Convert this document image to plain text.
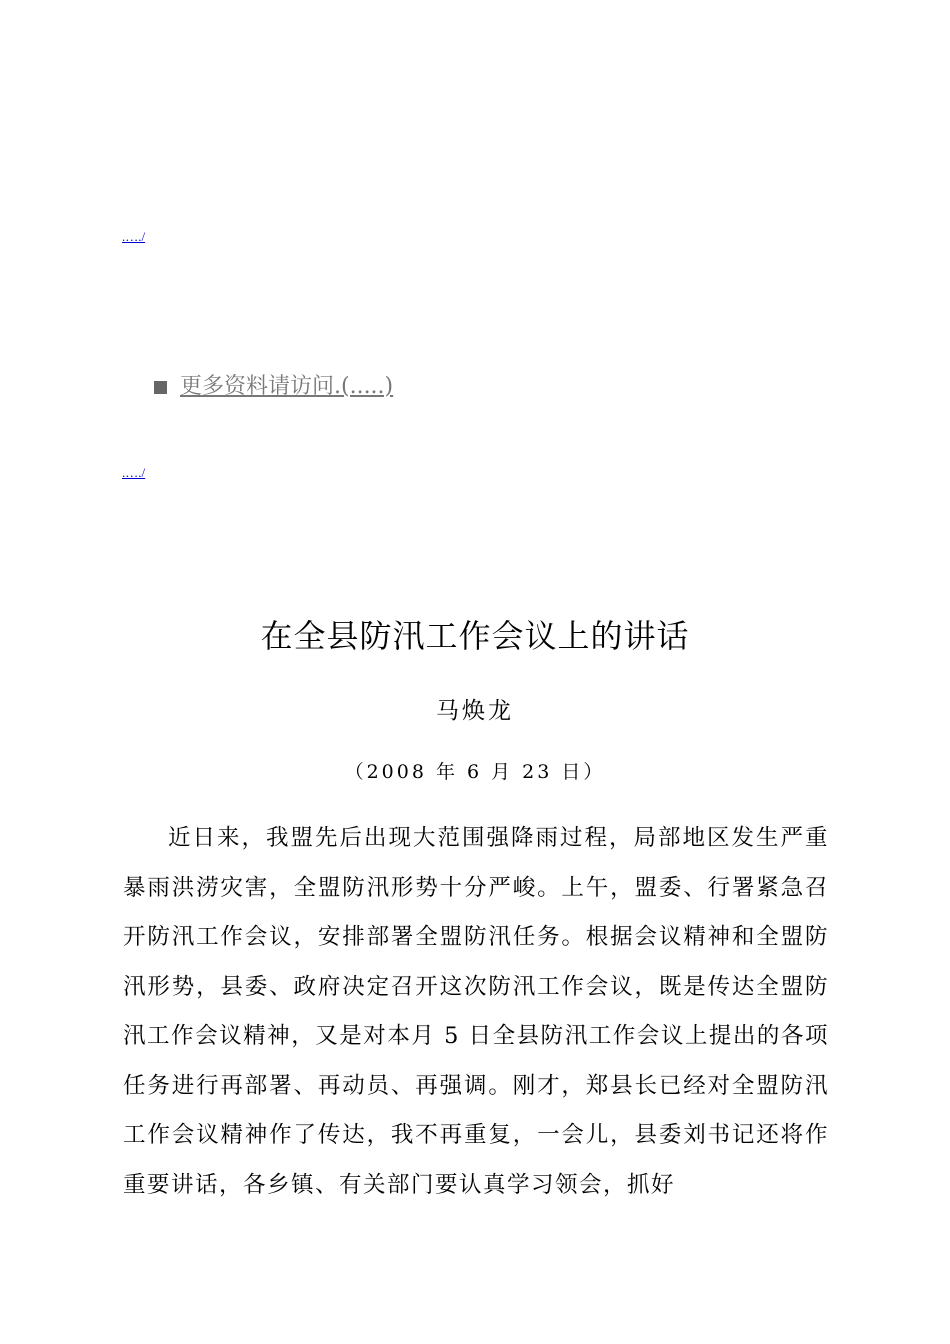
.…./
更多资料请访问.(.....)
.…./
在全县防汛工作会议上的讲话
马焕龙
（2008 年 6 月 23 日）

近日来，我盟先后出现大范围强降雨过程，局部地区发生严重暴雨洪涝灾害，全盟防汛形势十分严峻。上午，盟委、行署紧急召开防汛工作会议，安排部署全盟防汛任务。根据会议精神和全盟防汛形势，县委、政府决定召开这次防汛工作会议，既是传达全盟防汛工作会议精神，又是对本月 5 日全县防汛工作会议上提出的各项任务进行再部署、再动员、再强调。刚才，郑县长已经对全盟防汛工作会议精神作了传达，我不再重复，一会儿，县委刘书记还将作重要讲话，各乡镇、有关部门要认真学习领会，抓好
